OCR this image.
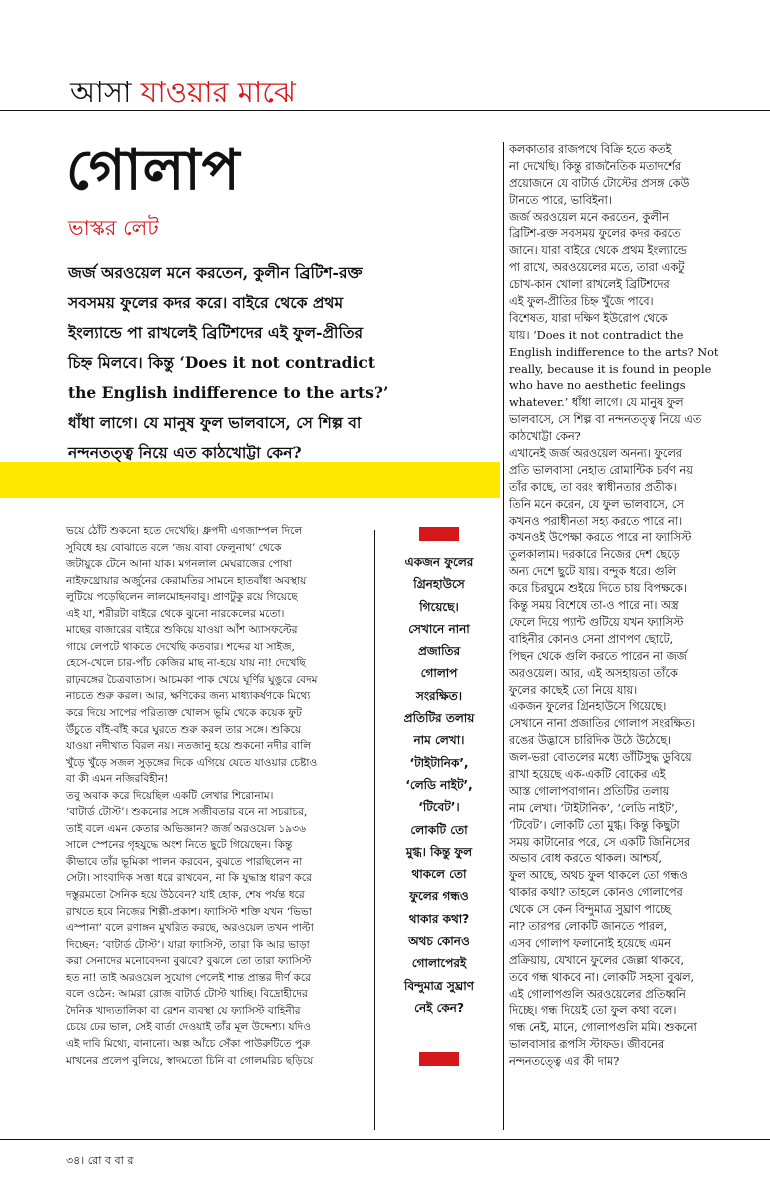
আসা যাওয়ার মাঝে
গোলাপ
ভাস্কর লেট

জর্জ অরওয়েল মনে করতেন, কুলীন ব্রিটিশ-রক্ত

সবসময় ফুলের কদর করে। বাইরে থেকে প্রথম

ইংল্যান্ডে পা রাখলেই ব্রিটিশদের এই ফুল-প্রীতির

চিহ্ন মিলবে। কিন্তু ‘Does it not contradict

the English indifference to the arts?’

ধাঁধা লাগে। যে মানুষ ফুল ভালবাসে, সে শিল্প বা

নন্দনতত্ত্ব নিয়ে এত কাঠখোট্টা কেন?

কলকাতার রাজপথে বিক্রি হতে কতই

না দেখেছি। কিন্তু রাজনৈতিক মতাদর্শের

প্রয়োজনে যে বাটার্ড টোস্টের প্রসঙ্গ কেউ

টানতে পারে, ভাবিইনা।

জর্জ অরওয়েল মনে করতেন, কুলীন

ব্রিটিশ-রক্ত সবসময় ফুলের কদর করতে

জানে। যারা বাইরে থেকে প্রথম ইংল্যান্ডে

পা রাখে, অরওয়েলের মতে, তারা একটু

চোখ-কান খোলা রাখলেই ব্রিটিশদের

এই ফুল-প্রীতির চিহ্ন খুঁজে পাবে।

বিশেষত, যারা দক্ষিণ ইউরোপ থেকে

যায়। ‘Does it not contradict the

English indifference to the arts? Not

really, because it is found in people

who have no aesthetic feelings

whatever.’ ধাঁধা লাগে। যে মানুষ ফুল

ভালবাসে, সে শিল্প বা নন্দনতত্ত্ব নিয়ে এত

কাঠখোট্টা কেন?

এখানেই জর্জ অরওয়েল অনন্য। ফুলের

প্রতি ভালবাসা নেহাত রোমান্টিক চর্বণ নয়

তাঁর কাছে, তা বরং স্বাধীনতার প্রতীক।

তিনি মনে করেন, যে ফুল ভালবাসে, সে

কখনও পরাধীনতা সহ্য করতে পারে না।

কখনওই উপেক্ষা করতে পারে না ফ্যাসিস্ট

তুলকালাম। দরকারে নিজের দেশ ছেড়ে

অন্য দেশে ছুটে যায়। বন্দুক ধরে। গুলি

করে চিরঘুমে শুইয়ে দিতে চায় বিপক্ষকে।

কিন্তু সময় বিশেষে তা-ও পারে না। অস্ত্র

ফেলে দিয়ে প্যান্ট গুটিয়ে যখন ফ্যাসিস্ট

বাহিনীর কোনও সেনা প্রাণপণ ছোটে,

পিছন থেকে গুলি করতে পারেন না জর্জ

অরওয়েল। আর, এই অসহায়তা তাঁকে

ফুলের কাছেই তো নিয়ে যায়।

একজন ফুলের গ্রিনহাউসে গিয়েছে।

সেখানে নানা প্রজাতির গোলাপ সংরক্ষিত।

রঙের উদ্ভাসে চারিদিক উঠে উঠেছে।

জল-ভরা বোতলের মধ্যে ডাঁটিসুদ্ধ ডুবিয়ে

রাখা হয়েছে এক-একটি বোকের এই

আস্ত গোলাপবাগান। প্রতিটির তলায়

নাম লেখা। ‘টাইটানিক’, ‘লেডি নাইট’,

‘টিবেট’। লোকটি তো মুগ্ধ। কিন্তু কিছুটা

সময় কাটানোর পরে, সে একটি জিনিসের

অভাব বোধ করতে থাকল। আশ্চর্য,

ফুল আছে, অথচ ফুল থাকলে তো গন্ধও

থাকার কথা? তাহলে কোনও গোলাপের

থেকে সে কেন বিন্দুমাত্র সুঘ্রাণ পাচ্ছে

না? তারপর লোকটি জানতে পারল,

এসব গোলাপ ফলানোই হয়েছে এমন

প্রক্রিয়ায়, যেখানে ফুলের জেল্লা থাকবে,

তবে গন্ধ থাকবে না। লোকটি সহসা বুঝল,

এই গোলাপগুলি অরওয়েলের প্রতিধ্বনি

দিচ্ছে। গন্ধ দিয়েই তো ফুল কথা বলে।

গন্ধ নেই, মানে, গোলাপগুলি মমি। শুকনো

ভালবাসার রূপসি স্টাফড। জীবনের

নন্দনতত্ত্বে এর কী দাম?

ভয়ে ঠোঁট শুকনো হতে দেখেছি। ধ্রুপদী এগজাম্পল দিলে

সুবিধে হয় বোঝাতে বলে ‘জয় বাবা ফেলুনাথ’ থেকে

জটায়ুকে টেনে আনা যাক। মগনলাল মেঘরাজের পোষা

নাইফথ্রোয়ার অর্জুনের কেরামতির সামনে হাতবাঁধা অবস্থায়

লুটিয়ে পড়েছিলেন লালমোহনবাবু। প্রাণটুকু রয়ে গিয়েছে

এই যা, শরীরটা বাইরে থেকে ঝুনো নারকেলের মতো।

মাছের বাজারের বাইরে শুকিয়ে যাওয়া আঁশ অ্যাসফল্টের

গায়ে লেপটে থাকতে দেখেছি কতবার। শব্দের যা সাইজ,

হেসে-খেলে চার-পাঁচ কেজির মাছ না-হয়ে যায় না! দেখেছি

রাঢ়বঙ্গের চৈত্রবাতাস। আচমকা পাক খেয়ে ঘূর্ণির ঘুঙুরে বেদম

নাচতে শুরু করল। আর, ক্ষণিকের জন্য মাধ্যাকর্ষণকে মিথ্যে

করে দিয়ে সাপের পরিত্যক্ত খোলস ভূমি থেকে কয়েক ফুট

উঁচুতে বাঁই-বাঁই করে ঘুরতে শুরু করল তার সঙ্গে। শুকিয়ে

যাওয়া নদীখাত বিরল নয়। নতজানু হয়ে শুকনো নদীর বালি

খুঁড়ে খুঁড়ে সজল সুড়ঙ্গের দিকে এগিয়ে যেতে যাওয়ার চেষ্টাও

বা কী এমন নজিরবিহীন!

তবু অবাক করে দিয়েছিল একটি লেখার শিরোনাম।

‘বাটার্ড টোস্ট’। শুকনোর সঙ্গে সজীবতার বনে না সচরাচর,

তাই বলে এমন কেতার অভিজ্ঞান? জর্জ অরওয়েল ১৯৩৬

সালে স্পেনের গৃহযুদ্ধে অংশ নিতে ছুটে গিয়েছেন। কিন্তু

কীভাবে তাঁর ভূমিকা পালন করবেন, বুঝতে পারছিলেন না

সেটা। সাংবাদিক সত্তা ধরে রাখবেন, না কি যুদ্ধাস্ত্র ধারণ করে

দস্তুরমতো সৈনিক হয়ে উঠবেন? যাই হোক, শেষ পর্যন্ত ধরে

রাখতে হবে নিজের শিল্পী-প্রকাশ। ফ্যাসিস্ট শক্তি যখন ‘ভিভা

এস্পানা’ বলে রণাঙ্গন মুখরিত করছে, অরওয়েল তখন পাল্টা

দিচ্ছেন: ‘বাটার্ড টোস্ট’। যারা ফ্যাসিস্ট, তারা কি আর ভাড়া

করা সেনাদের মনোবেদনা বুঝবে? বুঝলে তো তারা ফ্যাসিস্ট

হত না! তাই অরওয়েল সুযোগ পেলেই শান্ত প্রান্তর দীর্ণ করে

বলে ওঠেন: আমরা রোজ বাটার্ড টোস্ট খাচ্ছি। বিদ্রোহীদের

দৈনিক খাদ্যতালিকা বা রেশন ব্যবস্থা যে ফ্যাসিস্ট বাহিনীর

চেয়ে ঢের ভাল, সেই বার্তা দেওয়াই তাঁর মূল উদ্দেশ্য। যদিও

এই দাবি মিথ্যে, বানানো। অল্প আঁচে সেঁকা পাউরুটিতে পুরু

মাখনের প্রলেপ বুলিয়ে, স্বাদমতো চিনি বা গোলমরিচ ছড়িয়ে

একজন ফুলের

গ্রিনহাউসে

গিয়েছে।

সেখানে নানা

প্রজাতির

গোলাপ

সংরক্ষিত।

প্রতিটির তলায়

নাম লেখা।

‘টাইটানিক’,

‘লেডি নাইট’,

‘টিবেট’।

লোকটি তো

মুগ্ধ। কিন্তু ফুল

থাকলে তো

ফুলের গন্ধও

থাকার কথা?

অথচ কোনও

গোলাপেরই

বিন্দুমাত্র সুঘ্রাণ

নেই কেন?

৩৪। রো ব বা র
